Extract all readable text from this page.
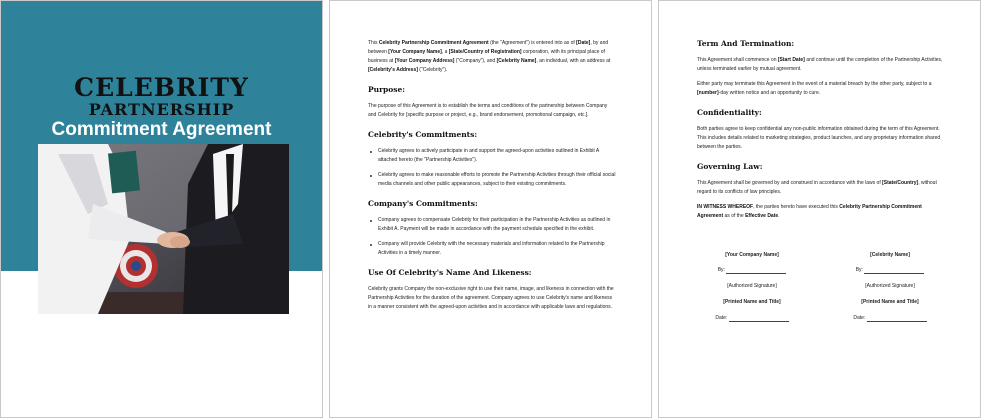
CELEBRITY
PARTNERSHIP
Commitment Agreement

This Celebrity Partnership Commitment Agreement (the "Agreement") is entered into as of [Date], by and between [Your Company Name], a [State/Country of Registration] corporation, with its principal place of business at [Your Company Address] ("Company"), and [Celebrity Name], an individual, with an address at [Celebrity's Address] ("Celebrity").

Purpose:

The purpose of this Agreement is to establish the terms and conditions of the partnership between Company and Celebrity for [specific purpose or project, e.g., brand endorsement, promotional campaign, etc.].

Celebrity's Commitments:
Celebrity agrees to actively participate in and support the agreed-upon activities outlined in Exhibit A attached hereto (the "Partnership Activities").
Celebrity agrees to make reasonable efforts to promote the Partnership Activities through their official social media channels and other public appearances, subject to their existing commitments.
Company's Commitments:
Company agrees to compensate Celebrity for their participation in the Partnership Activities as outlined in Exhibit A. Payment will be made in accordance with the payment schedule specified in the exhibit.
Company will provide Celebrity with the necessary materials and information related to the Partnership Activities in a timely manner.
Use Of Celebrity's Name And Likeness:

Celebrity grants Company the non-exclusive right to use their name, image, and likeness in connection with the Partnership Activities for the duration of the agreement. Company agrees to use Celebrity's name and likeness in a manner consistent with the agreed-upon activities and in accordance with applicable laws and regulations.

Term And Termination:

This Agreement shall commence on [Start Date] and continue until the completion of the Partnership Activities, unless terminated earlier by mutual agreement.

Either party may terminate this Agreement in the event of a material breach by the other party, subject to a [number]-day written notice and an opportunity to cure.

Confidentiality:

Both parties agree to keep confidential any non-public information obtained during the term of this Agreement. This includes details related to marketing strategies, product launches, and any proprietary information shared between the parties.

Governing Law:

This Agreement shall be governed by and construed in accordance with the laws of [State/Country], without regard to its conflicts of law principles.

IN WITNESS WHEREOF, the parties hereto have executed this Celebrity Partnership Commitment Agreement as of the Effective Date.

[Your Company Name]
By:
[Authorized Signature]
[Printed Name and Title]
Date:
[Celebrity Name]
By:
[Authorized Signature]
[Printed Name and Title]
Date:
